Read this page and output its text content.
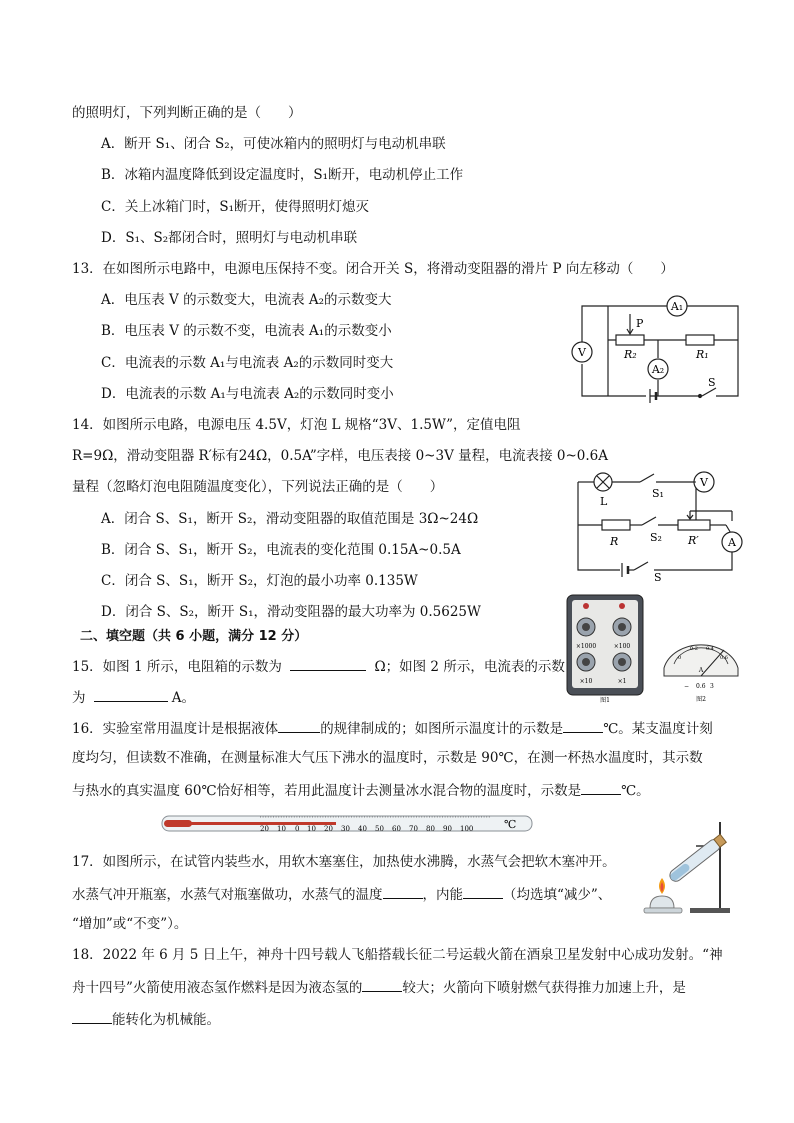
的照明灯，下列判断正确的是（　　）
A．断开 S₁、闭合 S₂，可使冰箱内的照明灯与电动机串联
B．冰箱内温度降低到设定温度时，S₁断开，电动机停止工作
C．关上冰箱门时，S₁断开，使得照明灯熄灭
D．S₁、S₂都闭合时，照明灯与电动机串联
13．在如图所示电路中，电源电压保持不变。闭合开关 S，将滑动变阻器的滑片 P 向左移动（　　）
A．电压表 V 的示数变大，电流表 A₂的示数变大
B．电压表 V 的示数不变，电流表 A₁的示数变小
C．电流表的示数 A₁与电流表 A₂的示数同时变大
D．电流表的示数 A₁与电流表 A₂的示数同时变小
A₁
A₂
V
P
R₂	R₁
S
14．如图所示电路，电源电压 4.5V，灯泡 L 规格“3V、1.5W”，定值电阻
R=9Ω，滑动变阻器 R′标有24Ω，0.5A”字样，电压表接 0~3V 量程，电流表接 0~0.6A
量程（忽略灯泡电阻随温度变化），下列说法正确的是（　　）
A．闭合 S、S₁，断开 S₂，滑动变阻器的取值范围是 3Ω~24Ω
B．闭合 S、S₁，断开 S₂，电流表的变化范围 0.15A~0.5A
C．闭合 S、S₁，断开 S₂，灯泡的最小功率 0.135W
D．闭合 S、S₂，断开 S₁，滑动变阻器的最大功率为 0.5625W
V
A
L
S₁
R	S₂ R′
S
二、填空题（共 6 小题，满分 12 分）
15．如图 1 所示，电阻箱的示数为	Ω；如图 2 所示，电流表的示数
为	A。
×1000	×100
×10	×1
图1
0
0.2 0.4
0.6
A
− 0.6 3
图2
16．实验室常用温度计是根据液体	的规律制成的；如图所示温度计的示数是	℃。某支温度计刻
度均匀，但读数不准确，在测量标准大气压下沸水的温度时，示数是 90℃，在测一杯热水温度时，其示数
与热水的真实温度 60℃恰好相等，若用此温度计去测量冰水混合物的温度时，示数是	℃。
20 10 0 10 20 30 40 50 60 70 80 90 100	℃
17．如图所示，在试管内装些水，用软木塞塞住，加热使水沸腾，水蒸气会把软木塞冲开。
水蒸气冲开瓶塞，水蒸气对瓶塞做功，水蒸气的温度	，内能	（均选填“减少”、
“增加”或“不变”）。
18．2022 年 6 月 5 日上午，神舟十四号载人飞船搭载长征二号运载火箭在酒泉卫星发射中心成功发射。“神
舟十四号”火箭使用液态氢作燃料是因为液态氢的	较大；火箭向下喷射燃气获得推力加速上升，是
能转化为机械能。
